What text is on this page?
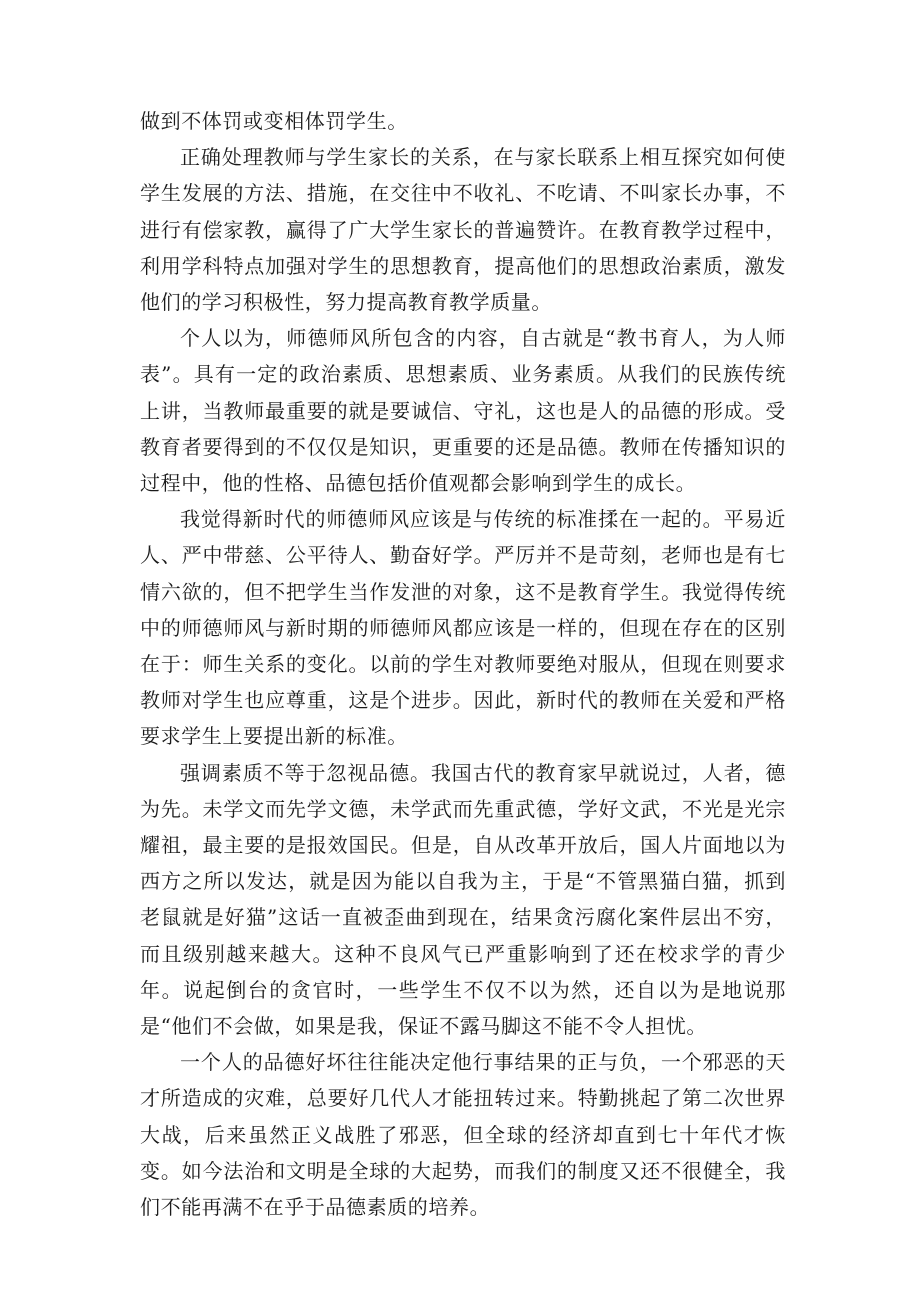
做到不体罚或变相体罚学生。

正确处理教师与学生家长的关系，在与家长联系上相互探究如何使学生发展的方法、措施，在交往中不收礼、不吃请、不叫家长办事，不进行有偿家教，赢得了广大学生家长的普遍赞许。在教育教学过程中，利用学科特点加强对学生的思想教育，提高他们的思想政治素质，激发他们的学习积极性，努力提高教育教学质量。

个人以为，师德师风所包含的内容，自古就是“教书育人，为人师表”。具有一定的政治素质、思想素质、业务素质。从我们的民族传统上讲，当教师最重要的就是要诚信、守礼，这也是人的品德的形成。受教育者要得到的不仅仅是知识，更重要的还是品德。教师在传播知识的过程中，他的性格、品德包括价值观都会影响到学生的成长。

我觉得新时代的师德师风应该是与传统的标准揉在一起的。平易近人、严中带慈、公平待人、勤奋好学。严厉并不是苛刻，老师也是有七情六欲的，但不把学生当作发泄的对象，这不是教育学生。我觉得传统中的师德师风与新时期的师德师风都应该是一样的，但现在存在的区别在于：师生关系的变化。以前的学生对教师要绝对服从，但现在则要求教师对学生也应尊重，这是个进步。因此，新时代的教师在关爱和严格要求学生上要提出新的标准。

强调素质不等于忽视品德。我国古代的教育家早就说过，人者，德为先。未学文而先学文德，未学武而先重武德，学好文武，不光是光宗耀祖，最主要的是报效国民。但是，自从改革开放后，国人片面地以为西方之所以发达，就是因为能以自我为主，于是“不管黑猫白猫，抓到老鼠就是好猫”这话一直被歪曲到现在，结果贪污腐化案件层出不穷，而且级别越来越大。这种不良风气已严重影响到了还在校求学的青少年。说起倒台的贪官时，一些学生不仅不以为然，还自以为是地说那是“他们不会做，如果是我，保证不露马脚这不能不令人担忧。

一个人的品德好坏往往能决定他行事结果的正与负，一个邪恶的天才所造成的灾难，总要好几代人才能扭转过来。特勤挑起了第二次世界大战，后来虽然正义战胜了邪恶，但全球的经济却直到七十年代才恢变。如今法治和文明是全球的大起势，而我们的制度又还不很健全，我们不能再满不在乎于品德素质的培养。
